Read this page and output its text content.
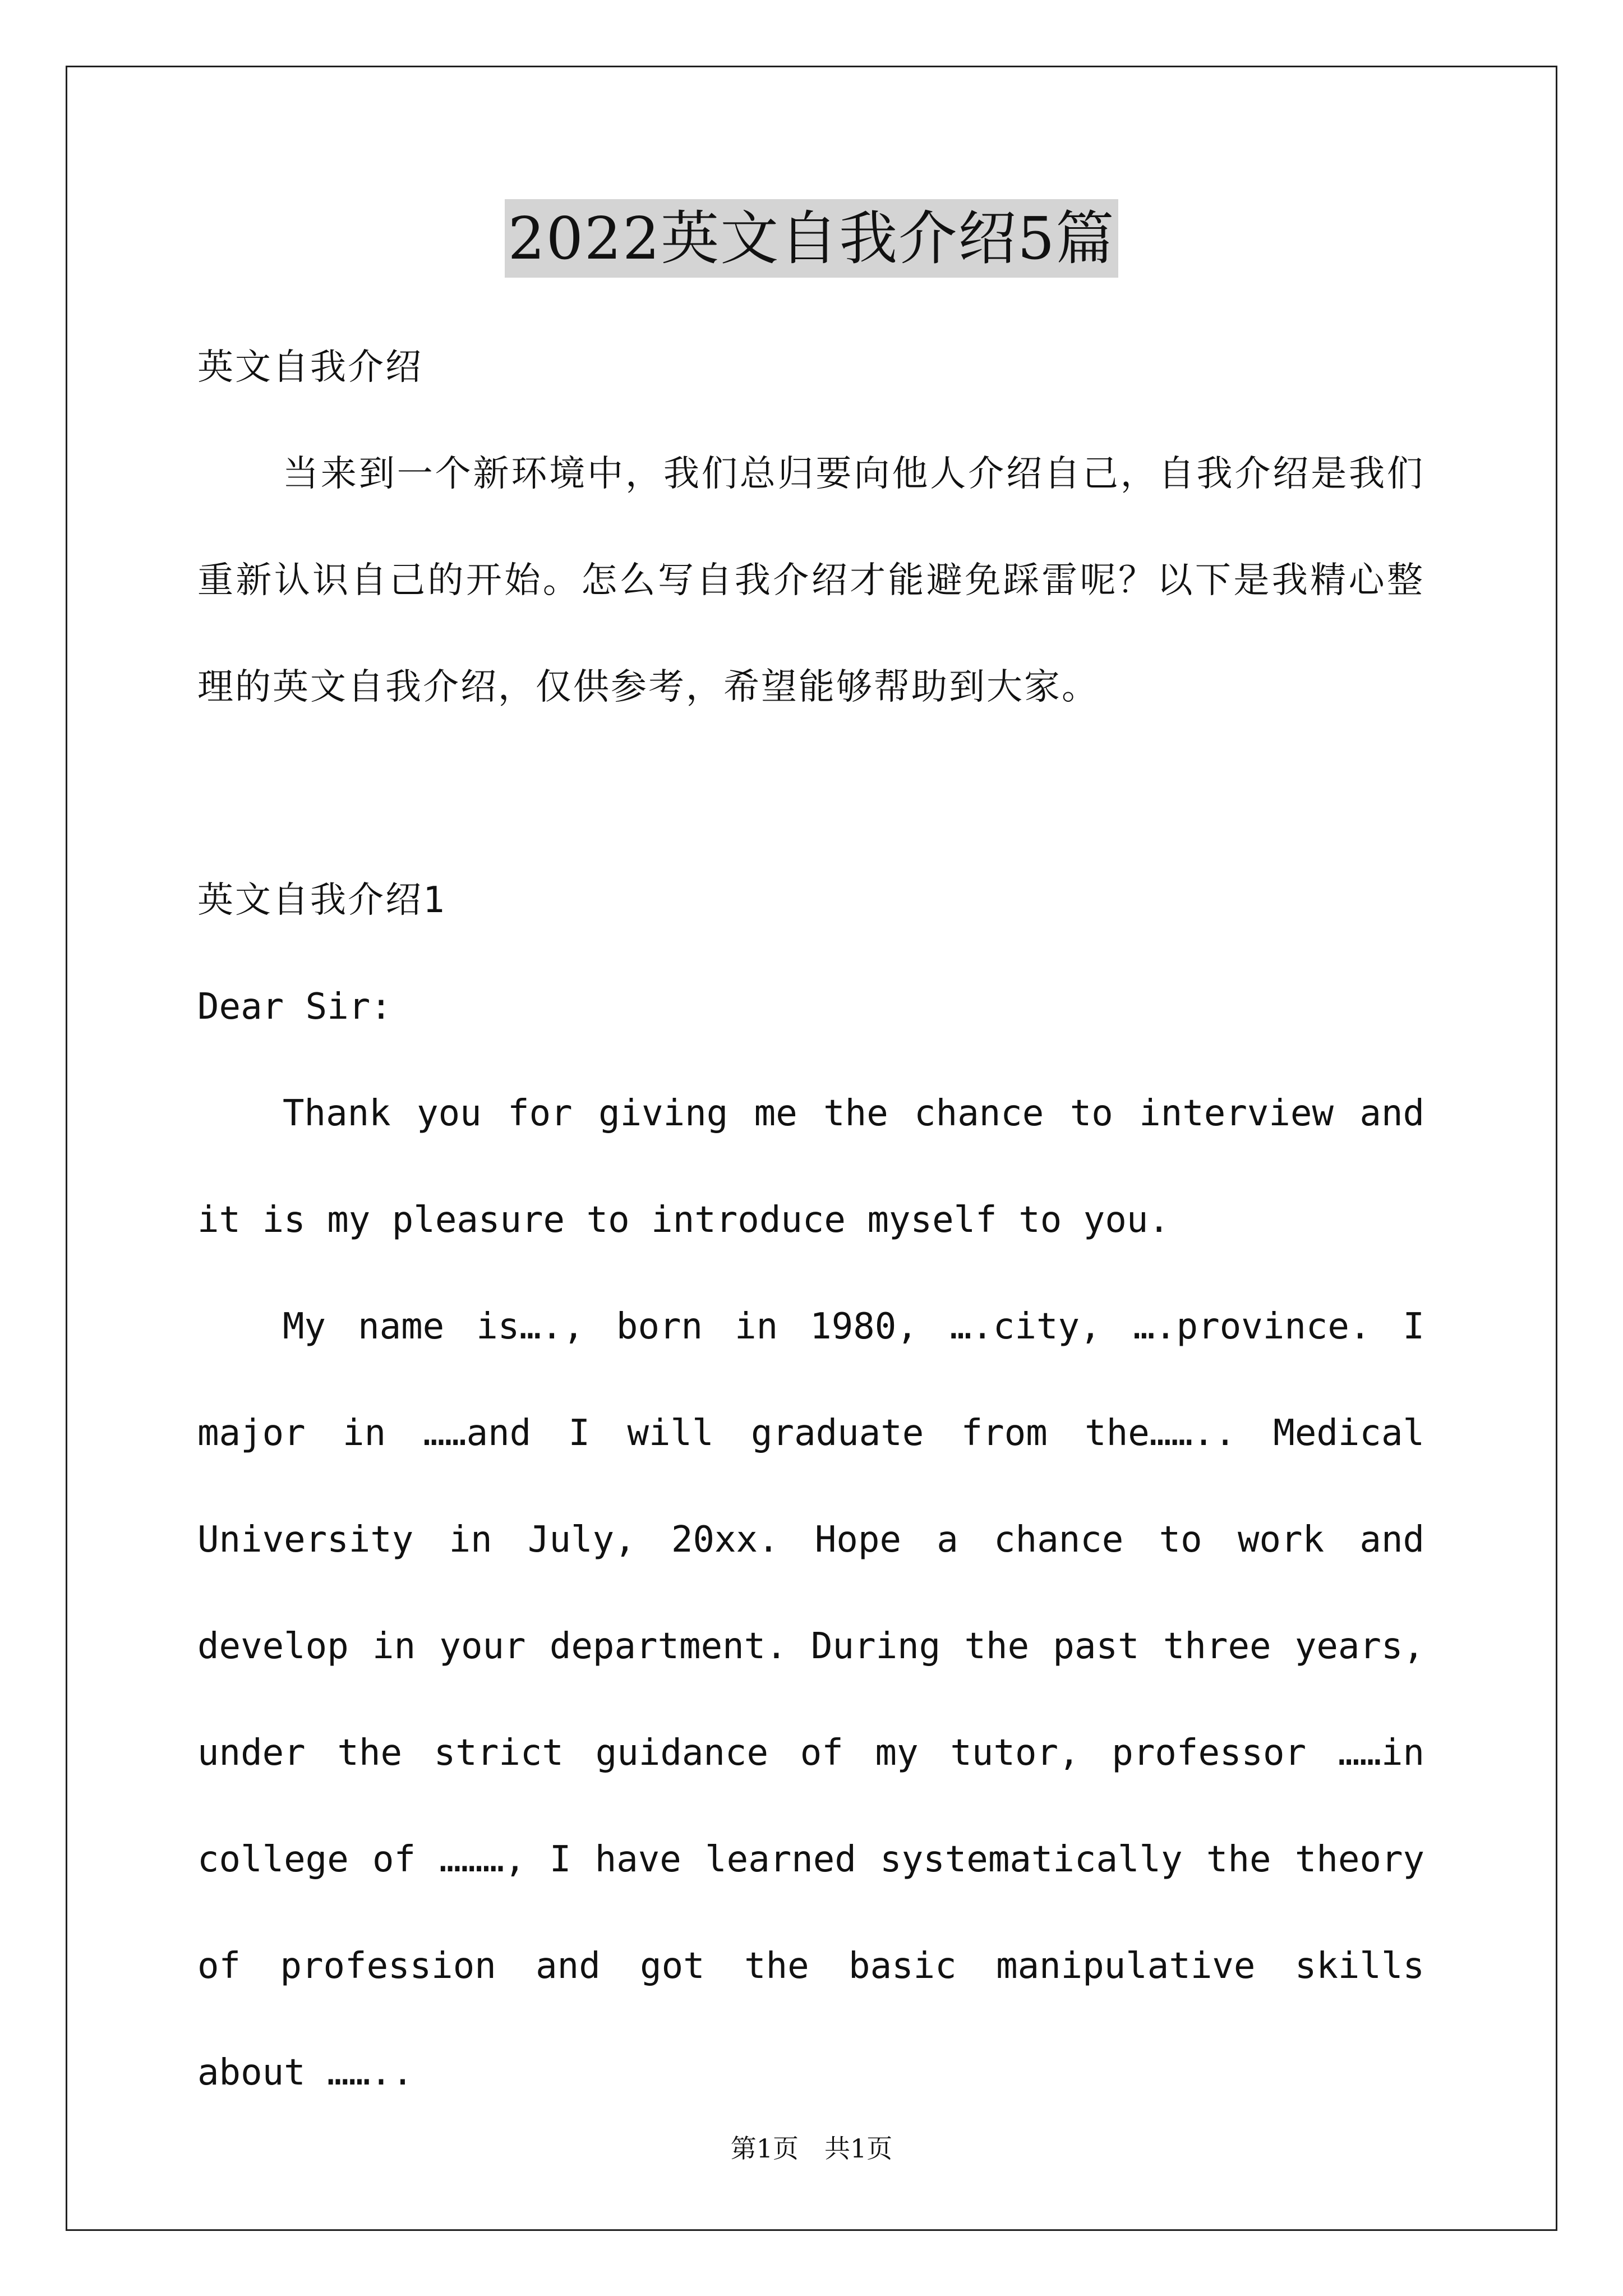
2022英文自我介绍5篇

英文自我介绍

当来到一个新环境中，我们总归要向他人介绍自己，自我介绍是我们重新认识自己的开始。怎么写自我介绍才能避免踩雷呢？以下是我精心整理的英文自我介绍，仅供参考，希望能够帮助到大家。

英文自我介绍1

Dear Sir:

Thank you for giving me the chance to interview and it is my pleasure to introduce myself to you.

My name is…., born in 1980, ….city, ….province. I major in ……and I will graduate from the…….. Medical University in July, 20xx. Hope a chance to work and develop in your department. During the past three years, under the strict guidance of my tutor, professor ……in college of ………, I have learned systematically the theory of profession and got the basic manipulative skills about ……..

第1页 共1页
